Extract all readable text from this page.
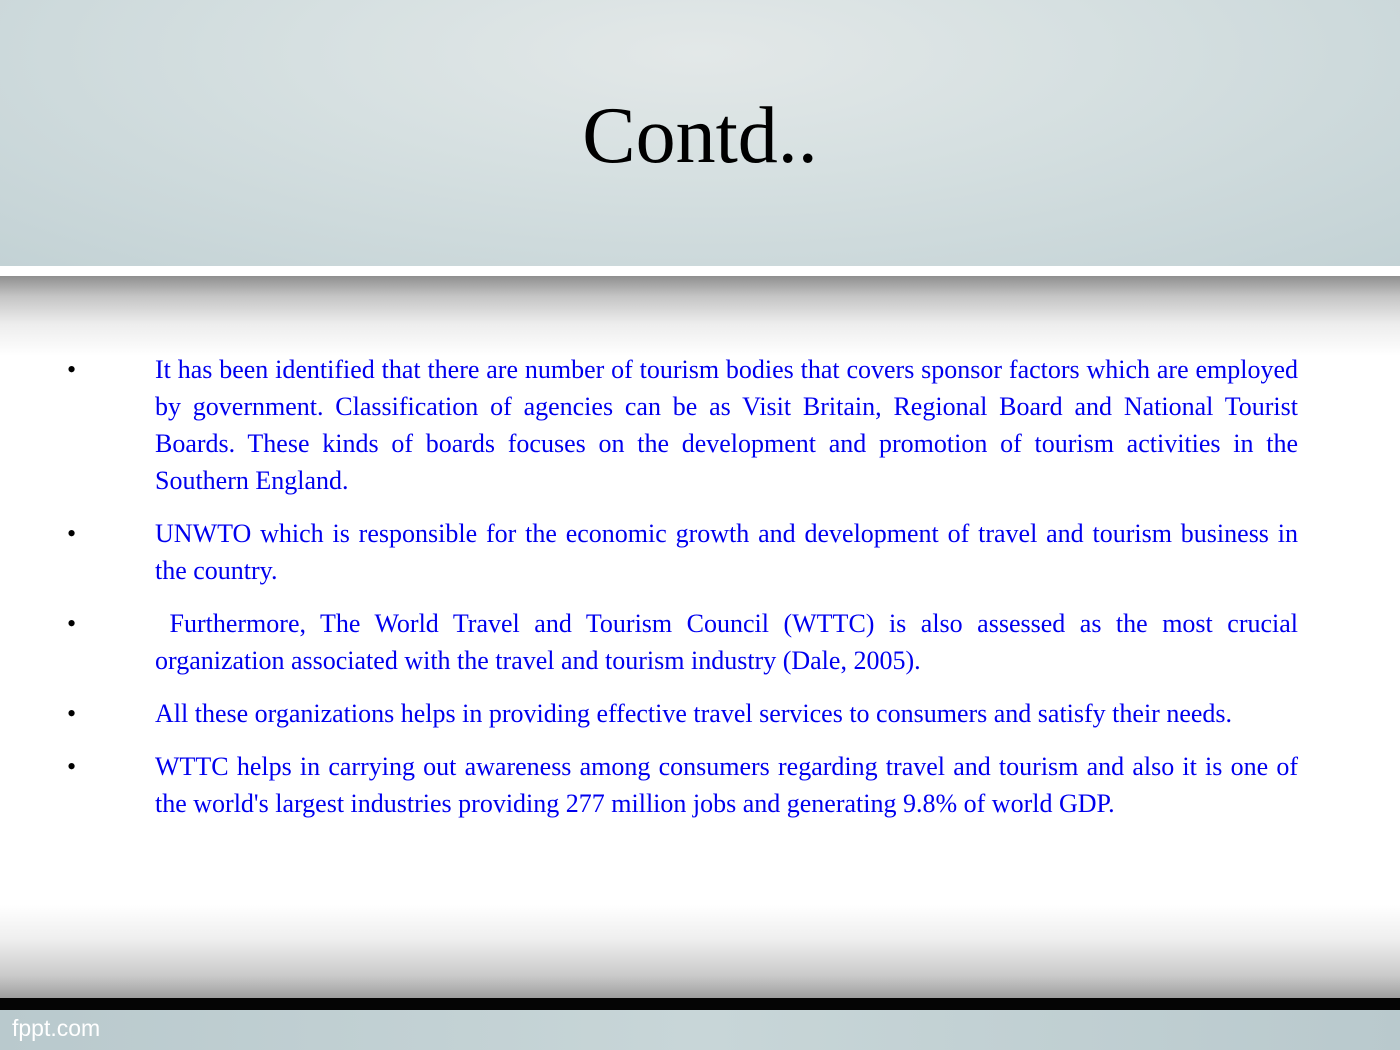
Contd..
•	It has been identified that there are number of tourism bodies that covers sponsor factors which are employed by government. Classification of agencies can be as Visit Britain, Regional Board and National Tourist Boards. These kinds of boards focuses on the development and promotion of tourism activities in the Southern England.
•	UNWTO which is responsible for the economic growth and development of travel and tourism business in the country.
•	Furthermore, The World Travel and Tourism Council (WTTC) is also assessed as the most crucial organization associated with the travel and tourism industry (Dale, 2005).
•	All these organizations helps in providing effective travel services to consumers and satisfy their needs.
•	WTTC helps in carrying out awareness among consumers regarding travel and tourism and also it is one of the world's largest industries providing 277 million jobs and generating 9.8% of world GDP.
fppt.com
